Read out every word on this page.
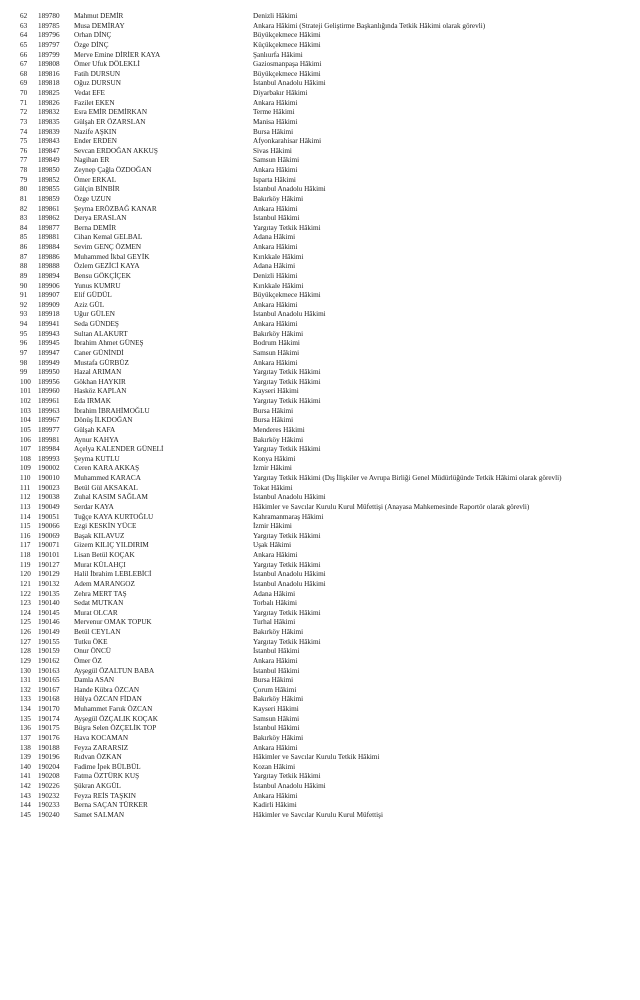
62 189780 Mahmut DEMİR	Denizli Hâkimi
63 189785 Musa DEMİRAY	Ankara Hâkimi (Strateji Geliştirme Başkanlığında Tetkik Hâkimi olarak görevli)
64 189796 Orhan DİNÇ	Büyükçekmece Hâkimi
65 189797 Özge DİNÇ	Küçükçekmece Hâkimi
66 189799 Merve Emine DİRİER KAYA	Şanlıurfa Hâkimi
67 189808 Ömer Ufuk DÖLEKLİ	Gaziosmanpaşa Hâkimi
68 189816 Fatih DURSUN	Büyükçekmece Hâkimi
69 189818 Oğuz DURSUN	İstanbul Anadolu Hâkimi
70 189825 Vedat EFE	Diyarbakır Hâkimi
71 189826 Fazilet EKEN	Ankara Hâkimi
72 189832 Esra EMİR DEMİRKAN	Terme Hâkimi
73 189835 Gülşah ER ÖZARSLAN	Manisa Hâkimi
74 189839 Nazife AŞKIN	Bursa Hâkimi
75 189843 Ender ERDEN	Afyonkarahisar Hâkimi
76 189847 Sevcan ERDOĞAN AKKUŞ	Sivas Hâkimi
77 189849 Nagihan ER	Samsun Hâkimi
78 189850 Zeynep Çağla ÖZDOĞAN	Ankara Hâkimi
79 189852 Ömer ERKAL	Isparta Hâkimi
80 189855 Gülçin BİNBİR	İstanbul Anadolu Hâkimi
81 189859 Özge UZUN	Bakırköy Hâkimi
82 189861 Şeyma ERÖZBAĞ KANAR	Ankara Hâkimi
83 189862 Derya ERASLAN	İstanbul Hâkimi
84 189877 Berna DEMİR	Yargıtay Tetkik Hâkimi
85 189881 Cihan Kemal GELBAL	Adana Hâkimi
86 189884 Sevim GENÇ ÖZMEN	Ankara Hâkimi
87 189886 Muhammed İkbal GEYİK	Kırıkkale Hâkimi
88 189888 Özlem GEZİCİ KAYA	Adana Hâkimi
89 189894 Bensu GÖKÇİÇEK	Denizli Hâkimi
90 189906 Yunus KUMRU	Kırıkkale Hâkimi
91 189907 Elif GÜDÜL	Büyükçekmece Hâkimi
92 189909 Aziz GÜL	Ankara Hâkimi
93 189918 Uğur GÜLEN	İstanbul Anadolu Hâkimi
94 189941 Seda GÜNDEŞ	Ankara Hâkimi
95 189943 Sultan ALAKURT	Bakırköy Hâkimi
96 189945 İbrahim Ahmet GÜNEŞ	Bodrum Hâkimi
97 189947 Caner GÜNİNDİ	Samsun Hâkimi
98 189949 Mustafa GÜRBÜZ	Ankara Hâkimi
99 189950 Hazal ARIMAN	Yargıtay Tetkik Hâkimi
100 189956 Gökhan HAYKIR	Yargıtay Tetkik Hâkimi
101 189960 Hasköz KAPLAN	Kayseri Hâkimi
102 189961 Eda IRMAK	Yargıtay Tetkik Hâkimi
103 189963 İbrahim İBRAHİMOĞLU	Bursa Hâkimi
104 189967 Dönüş İLKDOĞAN	Bursa Hâkimi
105 189977 Gülşah KAFA	Menderes Hâkimi
106 189981 Aynur KAHYA	Bakırköy Hâkimi
107 189984 Açelya KALENDER GÜNELİ	Yargıtay Tetkik Hâkimi
108 189993 Şeyma KUTLU	Konya Hâkimi
109 190002 Ceren KARA AKKAŞ	İzmir Hâkimi
110 190010 Muhammed KARACA	Yargıtay Tetkik Hâkimi (Dış İlişkiler ve Avrupa Birliği Genel Müdürlüğünde Tetkik Hâkimi olarak görevli)
111 190023 Betül Gül AKSAKAL	Tokat Hâkimi
112 190038 Zuhal KASIM SAĞLAM	İstanbul Anadolu Hâkimi
113 190049 Serdar KAYA	Hâkimler ve Savcılar Kurulu Kurul Müfettişi (Anayasa Mahkemesinde Raportör olarak görevli)
114 190051 Tuğçe KAYA KURTOĞLU	Kahramanmaraş Hâkimi
115 190066 Ezgi KESKİN YÜCE	İzmir Hâkimi
116 190069 Başak KILAVUZ	Yargıtay Tetkik Hâkimi
117 190071 Gizem KILIÇ YILDIRIM	Uşak Hâkimi
118 190101 Lisan Betül KOÇAK	Ankara Hâkimi
119 190127 Murat KÜLAHÇI	Yargıtay Tetkik Hâkimi
120 190129 Halil İbrahim LEBLEBİCİ	İstanbul Anadolu Hâkimi
121 190132 Adem MARANGOZ	İstanbul Anadolu Hâkimi
122 190135 Zehra MERT TAŞ	Adana Hâkimi
123 190140 Sedat MUTKAN	Torbalı Hâkimi
124 190145 Murat OLCAR	Yargıtay Tetkik Hâkimi
125 190146 Mervenur OMAK TOPUK	Turhal Hâkimi
126 190149 Betül CEYLAN	Bakırköy Hâkimi
127 190155 Tutku ÖKE	Yargıtay Tetkik Hâkimi
128 190159 Onur ÖNCÜ	İstanbul Hâkimi
129 190162 Ömer ÖZ	Ankara Hâkimi
130 190163 Ayşegül ÖZALTUN BABA	İstanbul Hâkimi
131 190165 Damla ASAN	Bursa Hâkimi
132 190167 Hande Kübra ÖZCAN	Çorum Hâkimi
133 190168 Hülya ÖZCAN FİDAN	Bakırköy Hâkimi
134 190170 Muhammet Faruk ÖZCAN	Kayseri Hâkimi
135 190174 Ayşegül ÖZÇALIK KOÇAK	Samsun Hâkimi
136 190175 Büşra Selen ÖZÇELİK TOP	İstanbul Hâkimi
137 190176 Hava KOCAMAN	Bakırköy Hâkimi
138 190188 Feyza ZARARSIZ	Ankara Hâkimi
139 190196 Rıdvan ÖZKAN	Hâkimler ve Savcılar Kurulu Tetkik Hâkimi
140 190204 Fadime İpek BÜLBÜL	Kozan Hâkimi
141 190208 Fatma ÖZTÜRK KUŞ	Yargıtay Tetkik Hâkimi
142 190226 Şükran AKGÜL	İstanbul Anadolu Hâkimi
143 190232 Feyza REİS TAŞKIN	Ankara Hâkimi
144 190233 Berna SAÇAN TÜRKER	Kadirli Hâkimi
145 190240 Samet SALMAN	Hâkimler ve Savcılar Kurulu Kurul Müfettişi
